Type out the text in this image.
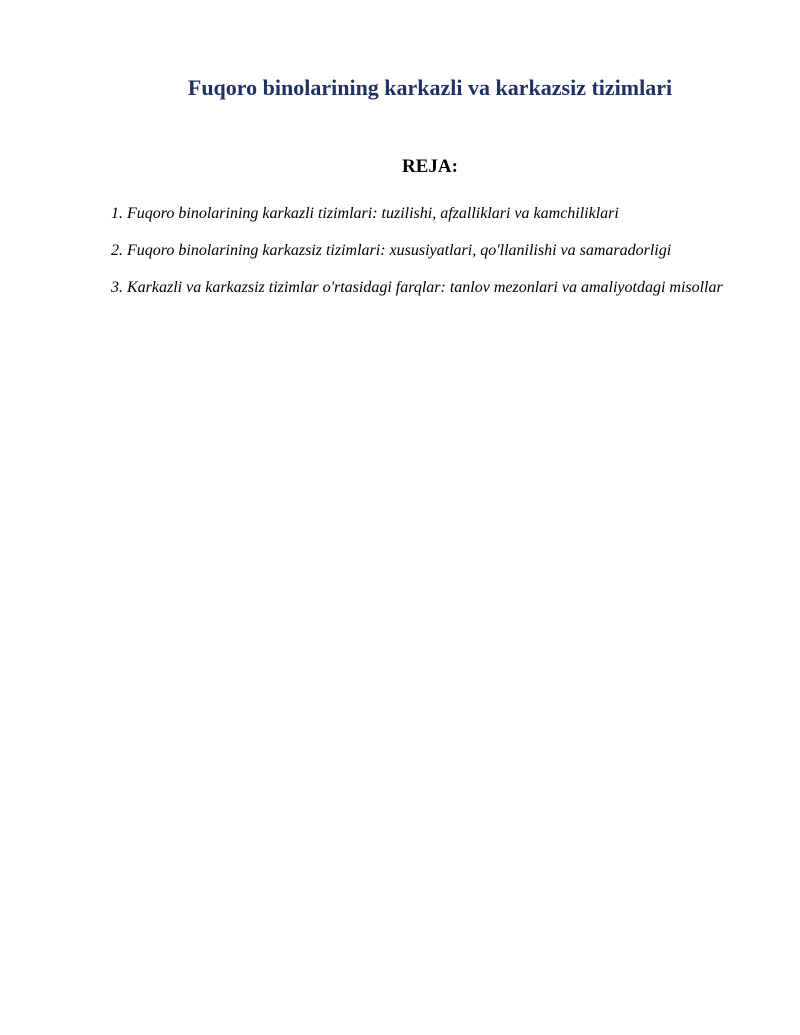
Fuqoro binolarining karkazli va karkazsiz tizimlari
REJA:
1. Fuqoro binolarining karkazli tizimlari: tuzilishi, afzalliklari va kamchiliklari
2. Fuqoro binolarining karkazsiz tizimlari: xususiyatlari, qo'llanilishi va samaradorligi
3. Karkazli va karkazsiz tizimlar o'rtasidagi farqlar: tanlov mezonlari va amaliyotdagi misollar
